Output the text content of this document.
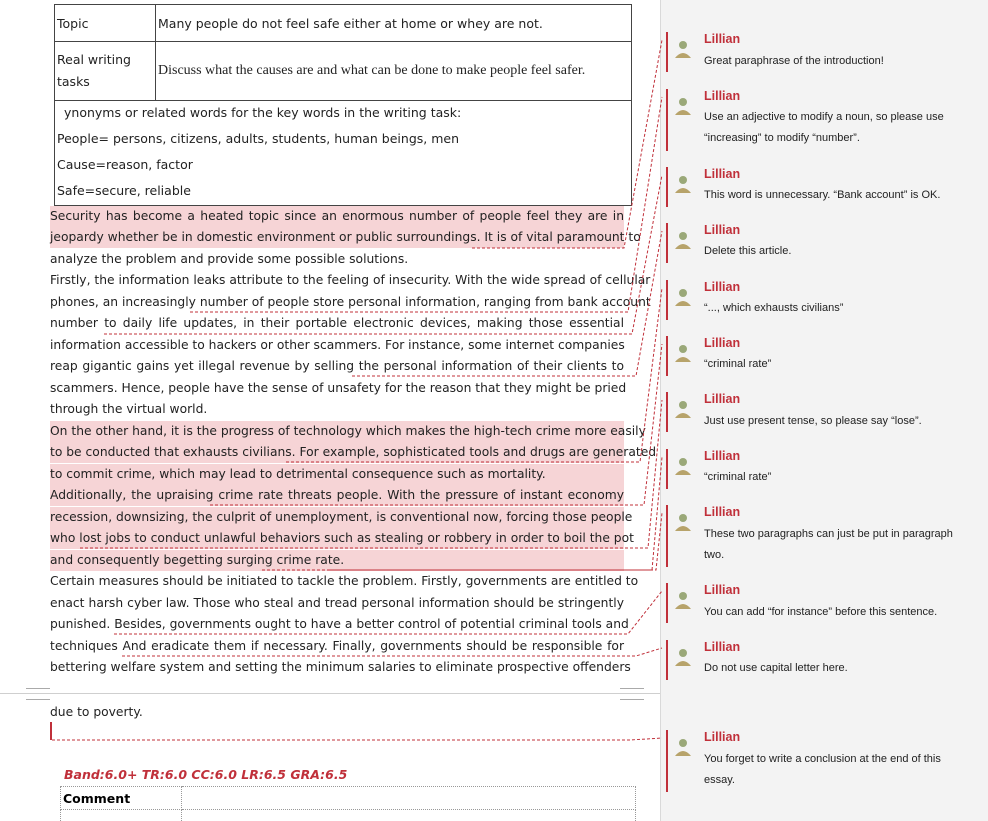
Topic	Many people do not feel safe either at home or whey are not.
Real writing tasks	Discuss what the causes are and what can be done to make people feel safer.
ynonyms or related words for the key words in the writing task:
People= persons, citizens, adults, students, human beings, men
Cause=reason, factor
Safe=secure, reliable
Security has become a heated topic since an enormous number of people feel they are in
jeopardy whether be in domestic environment or public surroundings. It is of vital paramount to
analyze the problem and provide some possible solutions.
Firstly, the information leaks attribute to the feeling of insecurity. With the wide spread of cellular
phones, an increasingly number of people store personal information, ranging from bank account
number to daily life updates, in their portable electronic devices, making those essential
information accessible to hackers or other scammers. For instance, some internet companies
reap gigantic gains yet illegal revenue by selling the personal information of their clients to
scammers. Hence, people have the sense of unsafety for the reason that they might be pried
through the virtual world.
On the other hand, it is the progress of technology which makes the high-tech crime more easily
to be conducted that exhausts civilians. For example, sophisticated tools and drugs are generated
to commit crime, which may lead to detrimental consequence such as mortality.
Additionally, the upraising crime rate threats people. With the pressure of instant economy
recession, downsizing, the culprit of unemployment, is conventional now, forcing those people
who lost jobs to conduct unlawful behaviors such as stealing or robbery in order to boil the pot
and consequently begetting surging crime rate.
Certain measures should be initiated to tackle the problem. Firstly, governments are entitled to
enact harsh cyber law. Those who steal and tread personal information should be stringently
punished. Besides, governments ought to have a better control of potential criminal tools and
techniques And eradicate them if necessary. Finally, governments should be responsible for
bettering welfare system and setting the minimum salaries to eliminate prospective offenders
due to poverty.
Band:6.0+ TR:6.0 CC:6.0 LR:6.5 GRA:6.5
Comment	

Lillian
Great paraphrase of the introduction!
Lillian
Use an adjective to modify a noun, so please use “increasing” to modify “number”.
Lillian
This word is unnecessary. “Bank account” is OK.
Lillian
Delete this article.
Lillian
“..., which exhausts civilians”
Lillian
“criminal rate”
Lillian
Just use present tense, so please say “lose”.
Lillian
“criminal rate”
Lillian
These two paragraphs can just be put in paragraph two.
Lillian
You can add “for instance” before this sentence.
Lillian
Do not use capital letter here.
Lillian
You forget to write a conclusion at the end of this essay.
